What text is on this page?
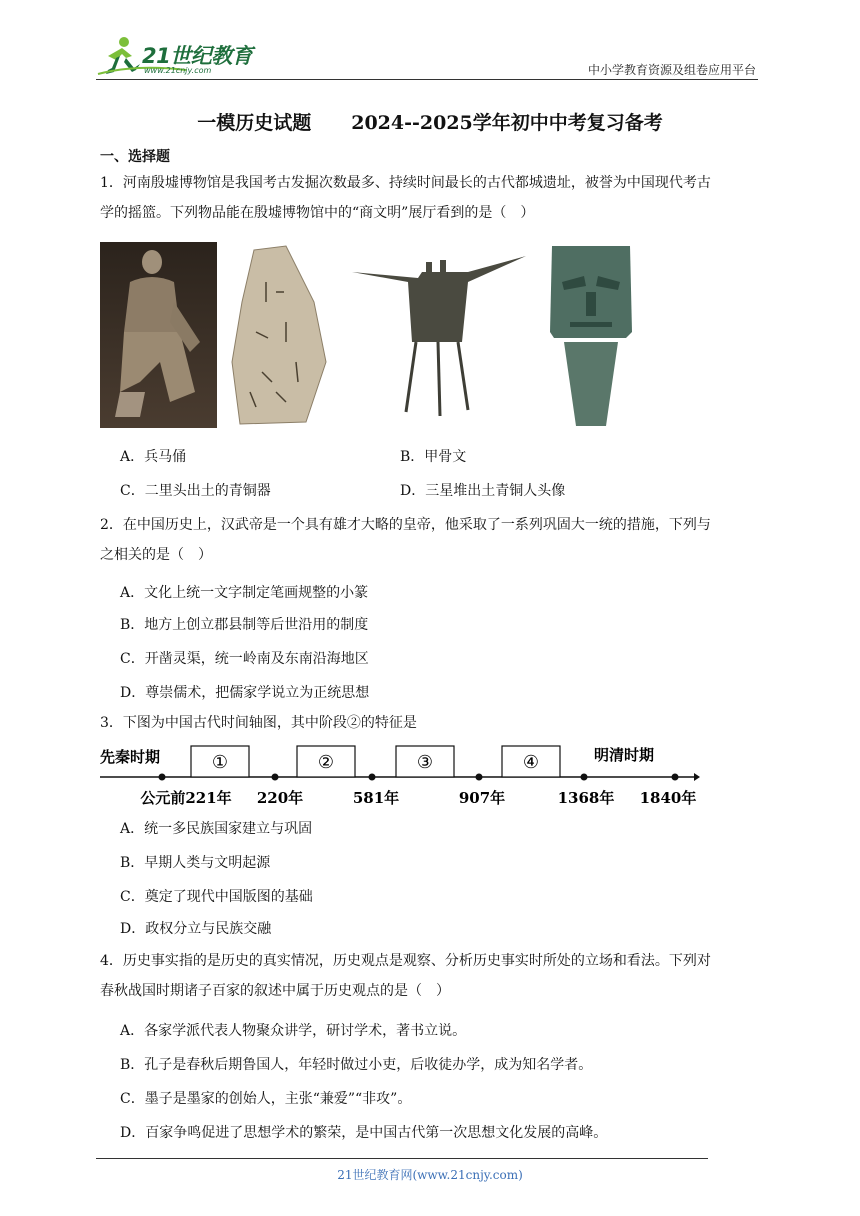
21世纪教育
www.21cnjy.com	中小学教育资源及组卷应用平台
一模历史试题 2024--2025学年初中中考复习备考
一、选择题
1．河南殷墟博物馆是我国考古发掘次数最多、持续时间最长的古代都城遗址，被誉为中国现代考古
学的摇篮。下列物品能在殷墟博物馆中的“商文明”展厅看到的是（　）
A．兵马俑	B．甲骨文
C．二里头出土的青铜器	D．三星堆出土青铜人头像
2．在中国历史上，汉武帝是一个具有雄才大略的皇帝，他采取了一系列巩固大一统的措施，下列与
之相关的是（　）
A．文化上统一文字制定笔画规整的小篆
B．地方上创立郡县制等后世沿用的制度
C．开凿灵渠，统一岭南及东南沿海地区
D．尊崇儒术，把儒家学说立为正统思想
3．下图为中国古代时间轴图，其中阶段②的特征是
先秦时期	明清时期
①	②	③	④
公元前221年 220年	581年	907年	1368年 1840年
A．统一多民族国家建立与巩固
B．早期人类与文明起源
C．奠定了现代中国版图的基础
D．政权分立与民族交融
4．历史事实指的是历史的真实情况，历史观点是观察、分析历史事实时所处的立场和看法。下列对
春秋战国时期诸子百家的叙述中属于历史观点的是（　）
A．各家学派代表人物聚众讲学，研讨学术，著书立说。
B．孔子是春秋后期鲁国人，年轻时做过小吏，后收徒办学，成为知名学者。
C．墨子是墨家的创始人，主张“兼爱”“非攻”。
D．百家争鸣促进了思想学术的繁荣，是中国古代第一次思想文化发展的高峰。
21世纪教育网(www.21cnjy.com)
